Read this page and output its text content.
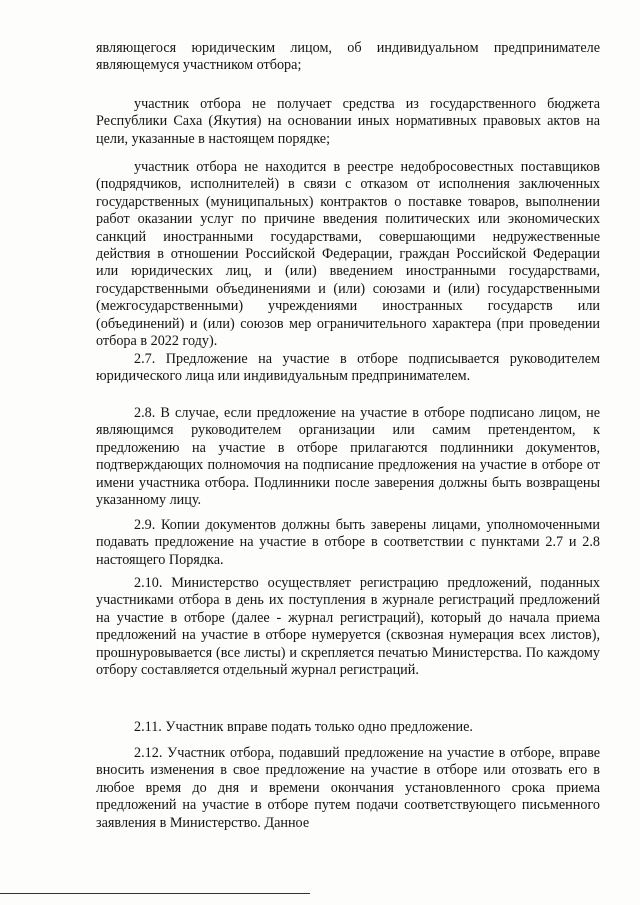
являющегося юридическим лицом, об индивидуальном предпринимателе являющемуся участником отбора;

участник отбора не получает средства из государственного бюджета Республики Саха (Якутия) на основании иных нормативных правовых актов на цели, указанные в настоящем порядке;

участник отбора не находится в реестре недобросовестных поставщиков (подрядчиков, исполнителей) в связи с отказом от исполнения заключенных государственных (муниципальных) контрактов о поставке товаров, выполнении работ оказании услуг по причине введения политических или экономических санкций иностранными государствами, совершающими недружественные действия в отношении Российской Федерации, граждан Российской Федерации или юридических лиц, и (или) введением иностранными государствами, государственными объединениями и (или) союзами и (или) государственными (межгосударственными) учреждениями иностранных государств или (объединений) и (или) союзов мер ограничительного характера (при проведении отбора в 2022 году).

2.7. Предложение на участие в отборе подписывается руководителем юридического лица или индивидуальным предпринимателем.

2.8. В случае, если предложение на участие в отборе подписано лицом, не являющимся руководителем организации или самим претендентом, к предложению на участие в отборе прилагаются подлинники документов, подтверждающих полномочия на подписание предложения на участие в отборе от имени участника отбора. Подлинники после заверения должны быть возвращены указанному лицу.

2.9. Копии документов должны быть заверены лицами, уполномоченными подавать предложение на участие в отборе в соответствии с пунктами 2.7 и 2.8 настоящего Порядка.

2.10. Министерство осуществляет регистрацию предложений, поданных участниками отбора в день их поступления в журнале регистраций предложений на участие в отборе (далее - журнал регистраций), который до начала приема предложений на участие в отборе нумеруется (сквозная нумерация всех листов), прошнуровывается (все листы) и скрепляется печатью Министерства. По каждому отбору составляется отдельный журнал регистраций.

2.11. Участник вправе подать только одно предложение.

2.12. Участник отбора, подавший предложение на участие в отборе, вправе вносить изменения в свое предложение на участие в отборе или отозвать его в любое время до дня и времени окончания установленного срока приема предложений на участие в отборе путем подачи соответствующего письменного заявления в Министерство. Данное
